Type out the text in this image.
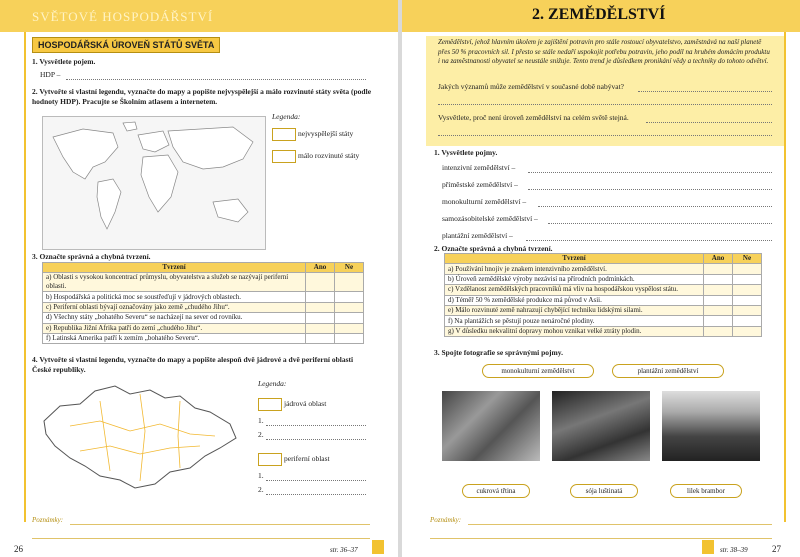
SVĚTOVÉ HOSPODÁŘSTVÍ
HOSPODÁŘSKÁ ÚROVEŇ STÁTŮ SVĚTA
1. Vysvětlete pojem.
HDP –
2. Vytvořte si vlastní legendu, vyznačte do mapy a popište nejvyspělejší a málo rozvinuté státy světa (podle hodnoty HDP). Pracujte se Školním atlasem a internetem.
Legenda:
nejvyspělejší státy
málo rozvinuté státy
3. Označte správná a chybná tvrzení.
Tvrzení	Ano	Ne
a) Oblasti s vysokou koncentrací průmyslu, obyvatelstva a služeb se nazývají periferní oblasti.		
b) Hospodářská a politická moc se soustřeďují v jádrových oblastech.		
c) Periferní oblasti bývají označovány jako země „chudého Jihu“.		
d) Všechny státy „bohatého Severu“ se nacházejí na sever od rovníku.		
e) Republika Jižní Afrika patří do zemí „chudého Jihu“.		
f) Latinská Amerika patří k zemím „bohatého Severu“.		
4. Vytvořte si vlastní legendu, vyznačte do mapy a popište alespoň dvě jádrové a dvě periferní oblasti České republiky.
Legenda:
jádrová oblast
1.
2.
periferní oblast
1.
2.
Poznámky:
26	str. 36–37
2. ZEMĚDĚLSTVÍ
Zemědělství, jehož hlavním úkolem je zajištění potravin pro stále rostoucí obyvatelstvo, zaměstnává na naší planetě přes 50 % pracovních sil. I přesto se stále nedaří uspokojit potřebu potravin, jeho podíl na hrubém domácím produktu i na zaměstnanosti obyvatel se neustále snižuje. Tento trend je důsledkem pronikání vědy a techniky do tohoto odvětví.
Jakých významů může zemědělství v současné době nabývat?
Vysvětlete, proč není úroveň zemědělství na celém světě stejná.
1. Vysvětlete pojmy.
intenzivní zemědělství –
příměstské zemědělství –
monokulturní zemědělství –
samozásobitelské zemědělství –
plantážní zemědělství –
2. Označte správná a chybná tvrzení.
Tvrzení	Ano	Ne
a) Používání hnojiv je znakem intenzivního zemědělství.		
b) Úroveň zemědělské výroby nezávisí na přírodních podmínkách.		
c) Vzdělanost zemědělských pracovníků má vliv na hospodářskou vyspělost státu.		
d) Téměř 50 % zemědělské produkce má původ v Asii.		
e) Málo rozvinuté země nahrazují chybějící techniku lidskými silami.		
f) Na plantážích se pěstují pouze nenáročné plodiny.		
g) V důsledku nekvalitní dopravy mohou vznikat velké ztráty plodin.		
3. Spojte fotografie se správnými pojmy.
monokulturní zemědělství	plantážní zemědělství
cukrová třtina	sója luštinatá	lilek brambor
Poznámky:
str. 38–39	27
